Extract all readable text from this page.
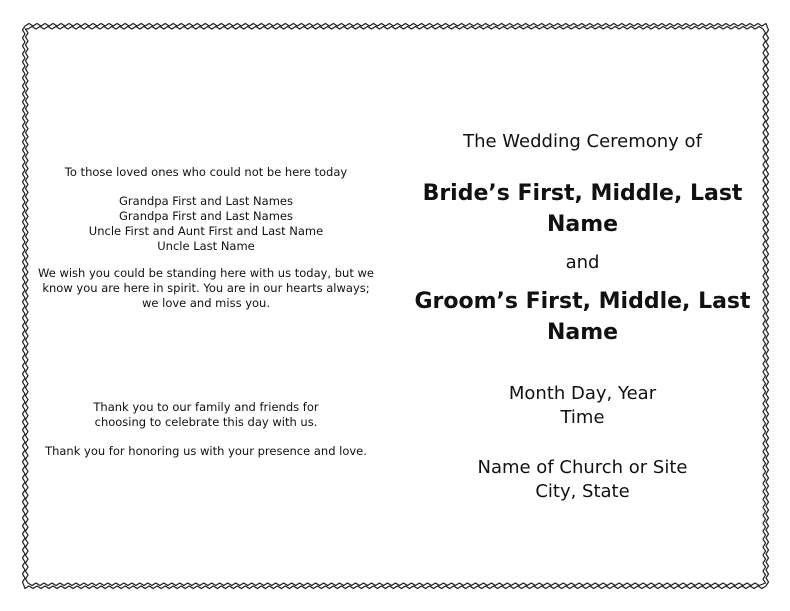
To those loved ones who could not be here today
Grandpa First and Last Names
Grandpa First and Last Names
Uncle First and Aunt First and Last Name
Uncle Last Name
We wish you could be standing here with us today, but we
know you are here in spirit. You are in our hearts always;
we love and miss you.
Thank you to our family and friends for
choosing to celebrate this day with us.
Thank you for honoring us with your presence and love.
The Wedding Ceremony of
Bride’s First, Middle, Last
Name
and
Groom’s First, Middle, Last
Name
Month Day, Year
Time
Name of Church or Site
City, State
